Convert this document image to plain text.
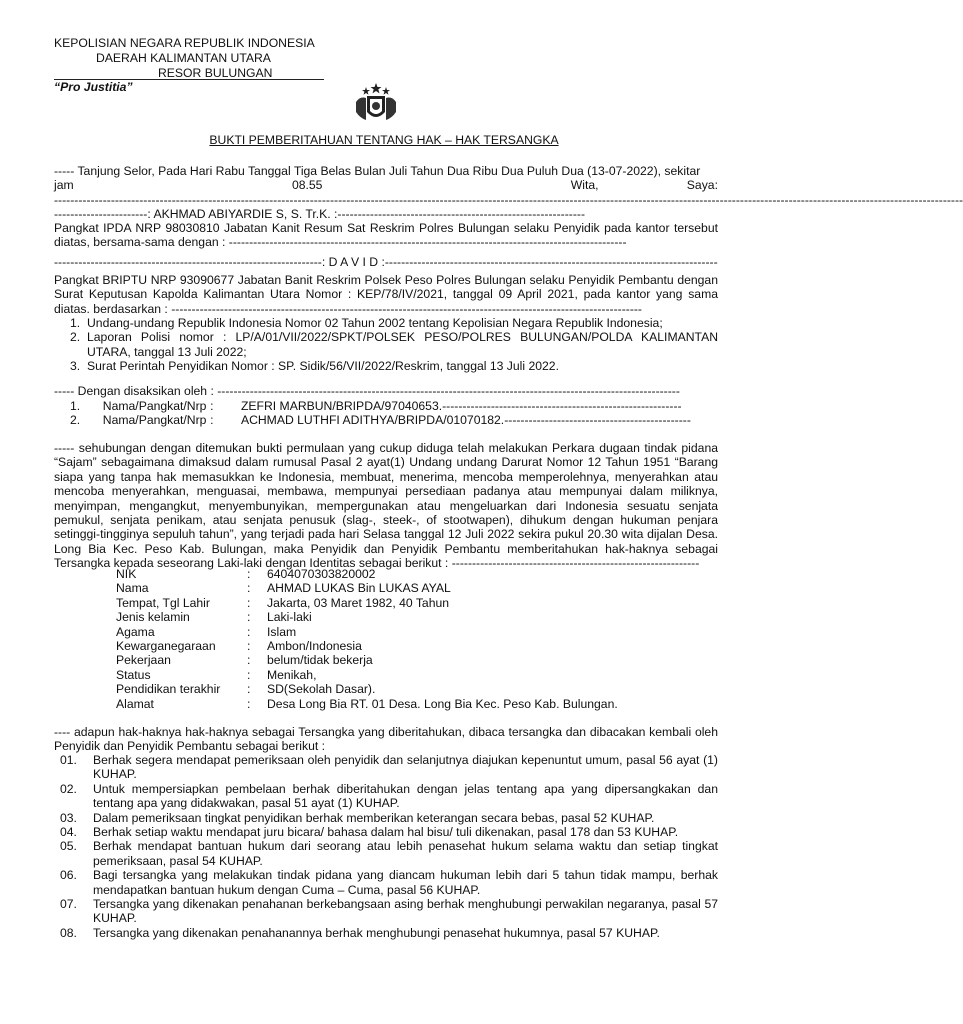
KEPOLISIAN NEGARA REPUBLIK INDONESIA
DAERAH KALIMANTAN UTARA
RESOR BULUNGAN
“Pro Justitia”
BUKTI PEMBERITAHUAN TENTANG HAK – HAK TERSANGKA
----- Tanjung Selor, Pada Hari Rabu Tanggal Tiga Belas Bulan Juli Tahun Dua Ribu Dua Puluh Dua (13-07-2022), sekitar
jam	08.55	Wita,	Saya:
--------------------------------------------------------------------------------------------------------------------------------------------------------------------------------------------------------------------------------
-----------------------: AKHMAD ABIYARDIE S, S. Tr.K. :-------------------------------------------------------------
Pangkat IPDA NRP 98030810 Jabatan Kanit Resum Sat Reskrim Polres Bulungan selaku Penyidik pada kantor tersebut diatas, bersama-sama dengan : --------------------------------------------------------------------------------------------------
------------------------------------------------------------------: D A V I D :----------------------------------------------------------------------------------
Pangkat BRIPTU NRP 93090677 Jabatan Banit Reskrim Polsek Peso Polres Bulungan selaku Penyidik Pembantu dengan Surat Keputusan Kapolda Kalimantan Utara Nomor : KEP/78/IV/2021, tanggal 09 April 2021, pada kantor yang sama diatas. berdasarkan : --------------------------------------------------------------------------------------------------------------------
1. Undang-undang Republik Indonesia Nomor 02 Tahun 2002 tentang Kepolisian Negara Republik Indonesia;
2. Laporan Polisi nomor : LP/A/01/VII/2022/SPKT/POLSEK PESO/POLRES BULUNGAN/POLDA KALIMANTAN UTARA, tanggal 13 Juli 2022;
3. Surat Perintah Penyidikan Nomor : SP. Sidik/56/VII/2022/Reskrim, tanggal 13 Juli 2022.
----- Dengan disaksikan oleh : ------------------------------------------------------------------------------------------------------------------
1.	Nama/Pangkat/Nrp :	ZEFRI MARBUN/BRIPDA/97040653.-----------------------------------------------------------
2.	Nama/Pangkat/Nrp :	ACHMAD LUTHFI ADITHYA/BRIPDA/01070182.----------------------------------------------
----- sehubungan dengan ditemukan bukti permulaan yang cukup diduga telah melakukan Perkara dugaan tindak pidana “Sajam” sebagaimana dimaksud dalam rumusal Pasal 2 ayat(1) Undang undang Darurat Nomor 12 Tahun 1951 “Barang siapa yang tanpa hak memasukkan ke Indonesia, membuat, menerima, mencoba memperolehnya, menyerahkan atau mencoba menyerahkan, menguasai, membawa, mempunyai persediaan padanya atau mempunyai dalam miliknya, menyimpan, mengangkut, menyembunyikan, mempergunakan atau mengeluarkan dari Indonesia sesuatu senjata pemukul, senjata penikam, atau senjata penusuk (slag-, steek-, of stootwapen), dihukum dengan hukuman penjara setinggi-tingginya sepuluh tahun”, yang terjadi pada hari Selasa tanggal 12 Juli 2022 sekira pukul 20.30 wita dijalan Desa. Long Bia Kec. Peso Kab. Bulungan, maka Penyidik dan Penyidik Pembantu memberitahukan hak-haknya sebagai Tersangka kepada seseorang Laki-laki dengan Identitas sebagai berikut : -------------------------------------------------------------
NIK	:	6404070303820002
Nama	:	AHMAD LUKAS Bin LUKAS AYAL
Tempat, Tgl Lahir	:	Jakarta, 03 Maret 1982, 40 Tahun
Jenis kelamin	:	Laki-laki
Agama	:	Islam
Kewarganegaraan	:	Ambon/Indonesia
Pekerjaan	:	belum/tidak bekerja
Status	:	Menikah,
Pendidikan terakhir	:	SD(Sekolah Dasar).
Alamat	:	Desa Long Bia RT. 01 Desa. Long Bia Kec. Peso Kab. Bulungan.
---- adapun hak-haknya hak-haknya sebagai Tersangka yang diberitahukan, dibaca tersangka dan dibacakan kembali oleh Penyidik dan Penyidik Pembantu sebagai berikut :
01.	Berhak segera mendapat pemeriksaan oleh penyidik dan selanjutnya diajukan kepenuntut umum, pasal 56 ayat (1) KUHAP.
02.	Untuk mempersiapkan pembelaan berhak diberitahukan dengan jelas tentang apa yang dipersangkakan dan tentang apa yang didakwakan, pasal 51 ayat (1) KUHAP.
03.	Dalam pemeriksaan tingkat penyidikan berhak memberikan keterangan secara bebas, pasal 52 KUHAP.
04.	Berhak setiap waktu mendapat juru bicara/ bahasa dalam hal bisu/ tuli dikenakan, pasal 178 dan 53 KUHAP.
05.	Berhak mendapat bantuan hukum dari seorang atau lebih penasehat hukum selama waktu dan setiap tingkat pemeriksaan, pasal 54 KUHAP.
06.	Bagi tersangka yang melakukan tindak pidana yang diancam hukuman lebih dari 5 tahun tidak mampu, berhak mendapatkan bantuan hukum dengan Cuma – Cuma, pasal 56 KUHAP.
07.	Tersangka yang dikenakan penahanan berkebangsaan asing berhak menghubungi perwakilan negaranya, pasal 57 KUHAP.
08.	Tersangka yang dikenakan penahanannya berhak menghubungi penasehat hukumnya, pasal 57 KUHAP.
